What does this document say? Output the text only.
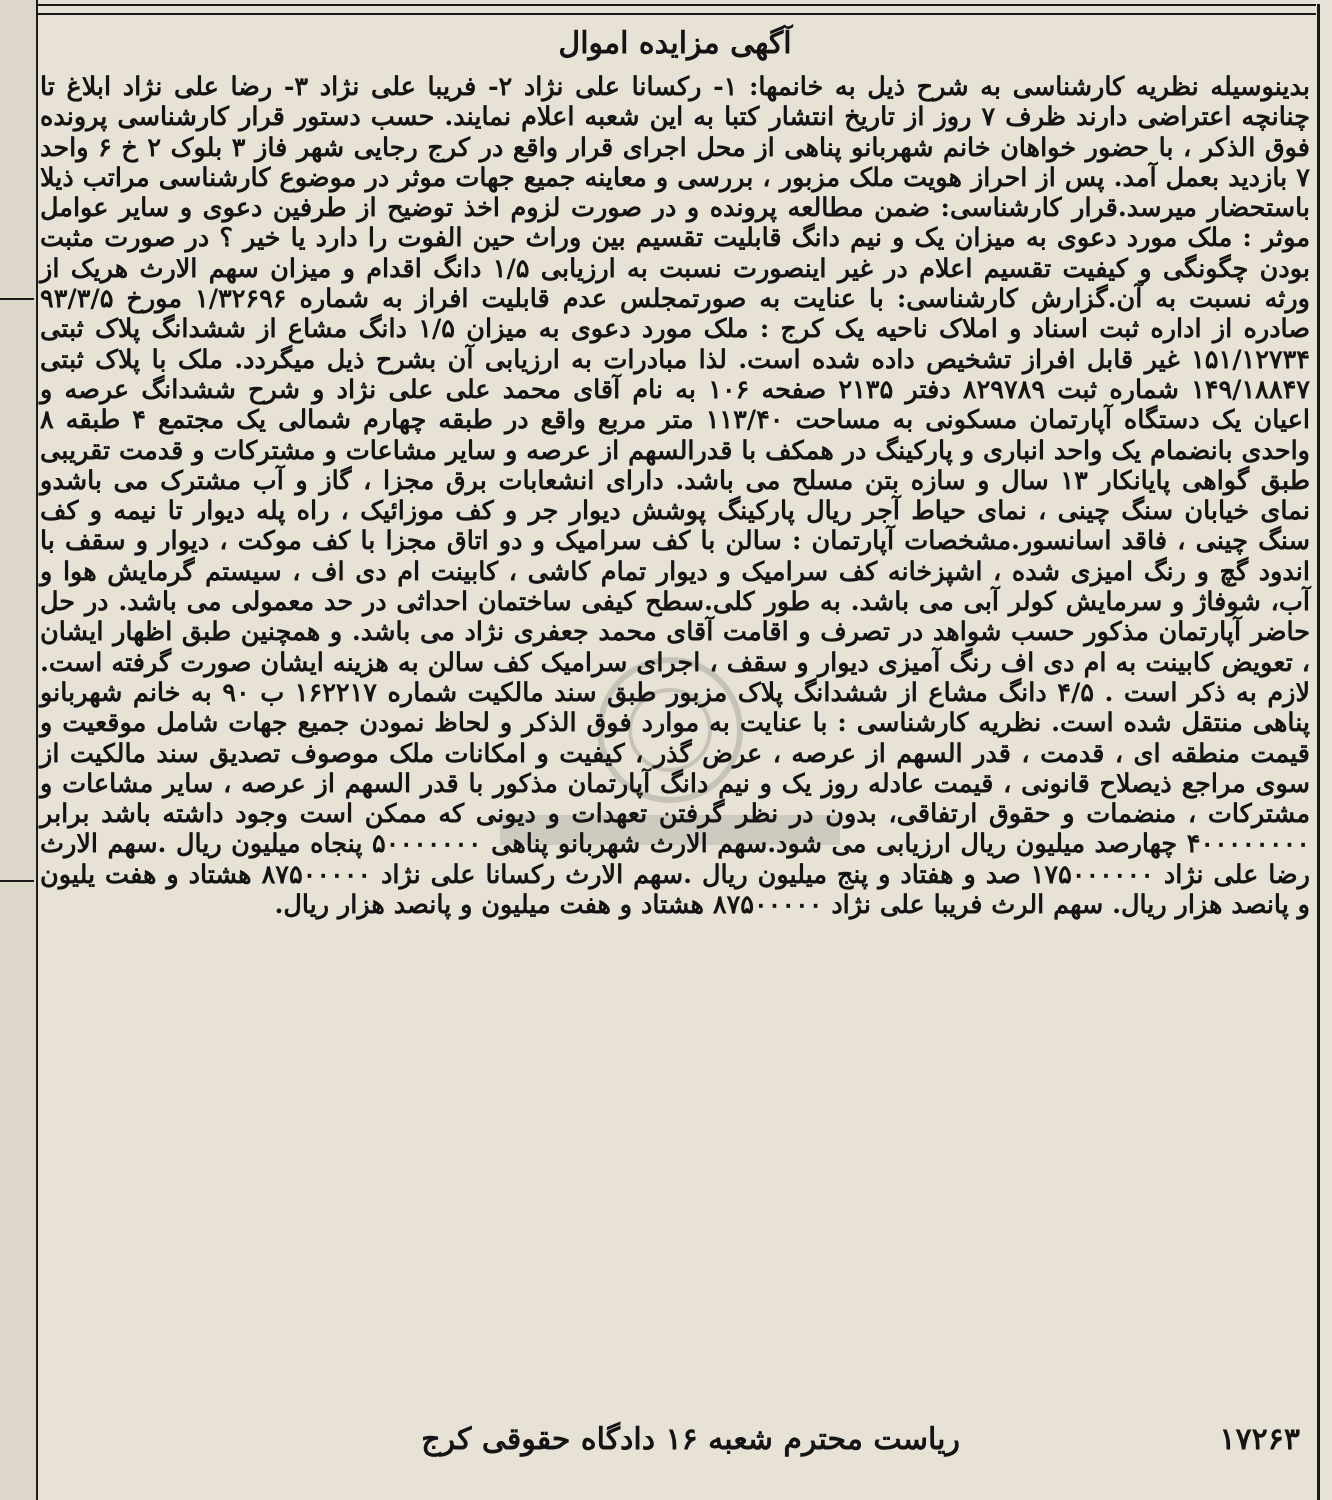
آگهی مزایده اموال

بدینوسیله نظریه کارشناسی به شرح ذیل به خانمها: ۱- رکسانا علی نژاد ۲- فریبا علی نژاد ۳- رضا علی نژاد ابلاغ تا چنانچه اعتراضی دارند ظرف ۷ روز از تاریخ انتشار کتبا به این شعبه اعلام نمایند. حسب دستور قرار کارشناسی پرونده فوق الذکر ، با حضور خواهان خانم شهربانو پناهی از محل اجرای قرار واقع در کرج رجایی شهر فاز ۳ بلوک ۲ خ ۶ واحد ۷ بازدید بعمل آمد. پس از احراز هویت ملک مزبور ، بررسی و معاینه جمیع جهات موثر در موضوع کارشناسی مراتب ذیلا باستحضار میرسد.قرار کارشناسی: ضمن مطالعه پرونده و در صورت لزوم اخذ توضیح از طرفین دعوی و سایر عوامل موثر : ملک مورد دعوی به میزان یک و نیم دانگ قابلیت تقسیم بین وراث حین الفوت را دارد یا خیر ؟ در صورت مثبت بودن چگونگی و کیفیت تقسیم اعلام در غیر اینصورت نسبت به ارزیابی ۱/۵ دانگ اقدام و میزان سهم الارث هریک از ورثه نسبت به آن.گزارش کارشناسی: با عنایت به صورتمجلس عدم قابلیت افراز به شماره ۱/۳۲۶۹۶ مورخ ۹۳/۳/۵ صادره از اداره ثبت اسناد و املاک ناحیه یک کرج : ملک مورد دعوی به میزان ۱/۵ دانگ مشاع از ششدانگ پلاک ثبتی ۱۵۱/۱۲۷۳۴ غیر قابل افراز تشخیص داده شده است. لذا مبادرات به ارزیابی آن بشرح ذیل میگردد. ملک با پلاک ثبتی ۱۴۹/۱۸۸۴۷ شماره ثبت ۸۲۹۷۸۹ دفتر ۲۱۳۵ صفحه ۱۰۶ به نام آقای محمد علی علی نژاد و شرح ششدانگ عرصه و اعیان یک دستگاه آپارتمان مسکونی به مساحت ۱۱۳/۴۰ متر مربع واقع در طبقه چهارم شمالی یک مجتمع ۴ طبقه ۸ واحدی بانضمام یک واحد انباری و پارکینگ در همکف با قدرالسهم از عرصه و سایر مشاعات و مشترکات و قدمت تقریبی طبق گواهی پایانکار ۱۳ سال و سازه بتن مسلح می باشد. دارای انشعابات برق مجزا ، گاز و آب مشترک می باشدو نمای خیابان سنگ چینی ، نمای حیاط آجر ریال پارکینگ پوشش دیوار جر و کف موزائیک ، راه پله دیوار تا نیمه و کف سنگ چینی ، فاقد اسانسور.مشخصات آپارتمان : سالن با کف سرامیک و دو اتاق مجزا با کف موکت ، دیوار و سقف با اندود گچ و رنگ امیزی شده ، اشپزخانه کف سرامیک و دیوار تمام کاشی ، کابینت ام دی اف ، سیستم گرمایش هوا و آب، شوفاژ و سرمایش کولر آبی می باشد. به طور کلی.سطح کیفی ساختمان احداثی در حد معمولی می باشد. در حل حاضر آپارتمان مذکور حسب شواهد در تصرف و اقامت آقای محمد جعفری نژاد می باشد. و همچنین طبق اظهار ایشان ، تعویض کابینت به ام دی اف رنگ آمیزی دیوار و سقف ، اجرای سرامیک کف سالن به هزینه ایشان صورت گرفته است. لازم به ذکر است . ۴/۵ دانگ مشاع از ششدانگ پلاک مزبور طبق سند مالکیت شماره ۱۶۲۲۱۷ ب ۹۰ به خانم شهربانو پناهی منتقل شده است. نظریه کارشناسی : با عنایت به موارد فوق الذکر و لحاظ نمودن جمیع جهات شامل موقعیت و قیمت منطقه ای ، قدمت ، قدر السهم از عرصه ، عرض گذر ، کیفیت و امکانات ملک موصوف تصدیق سند مالکیت از سوی مراجع ذیصلاح قانونی ، قیمت عادله روز یک و نیم دانگ آپارتمان مذکور با قدر السهم از عرصه ، سایر مشاعات و مشترکات ، منضمات و حقوق ارتفاقی، بدون در نظر گرفتن تعهدات و دیونی که ممکن است وجود داشته باشد برابر ۴۰۰۰۰۰۰۰۰ چهارصد میلیون ریال ارزیابی می شود.سهم الارث شهربانو پناهی ۵۰۰۰۰۰۰۰ پنجاه میلیون ریال .سهم الارث رضا علی نژاد ۱۷۵۰۰۰۰۰۰ صد و هفتاد و پنج میلیون ریال .سهم الارث رکسانا علی نژاد ۸۷۵۰۰۰۰۰ هشتاد و هفت یلیون و پانصد هزار ریال. سهم الرث فریبا علی نژاد ۸۷۵۰۰۰۰۰ هشتاد و هفت میلیون و پانصد هزار ریال.

ریاست محترم شعبه ۱۶ دادگاه حقوقی کرج	۱۷۲۶۳
